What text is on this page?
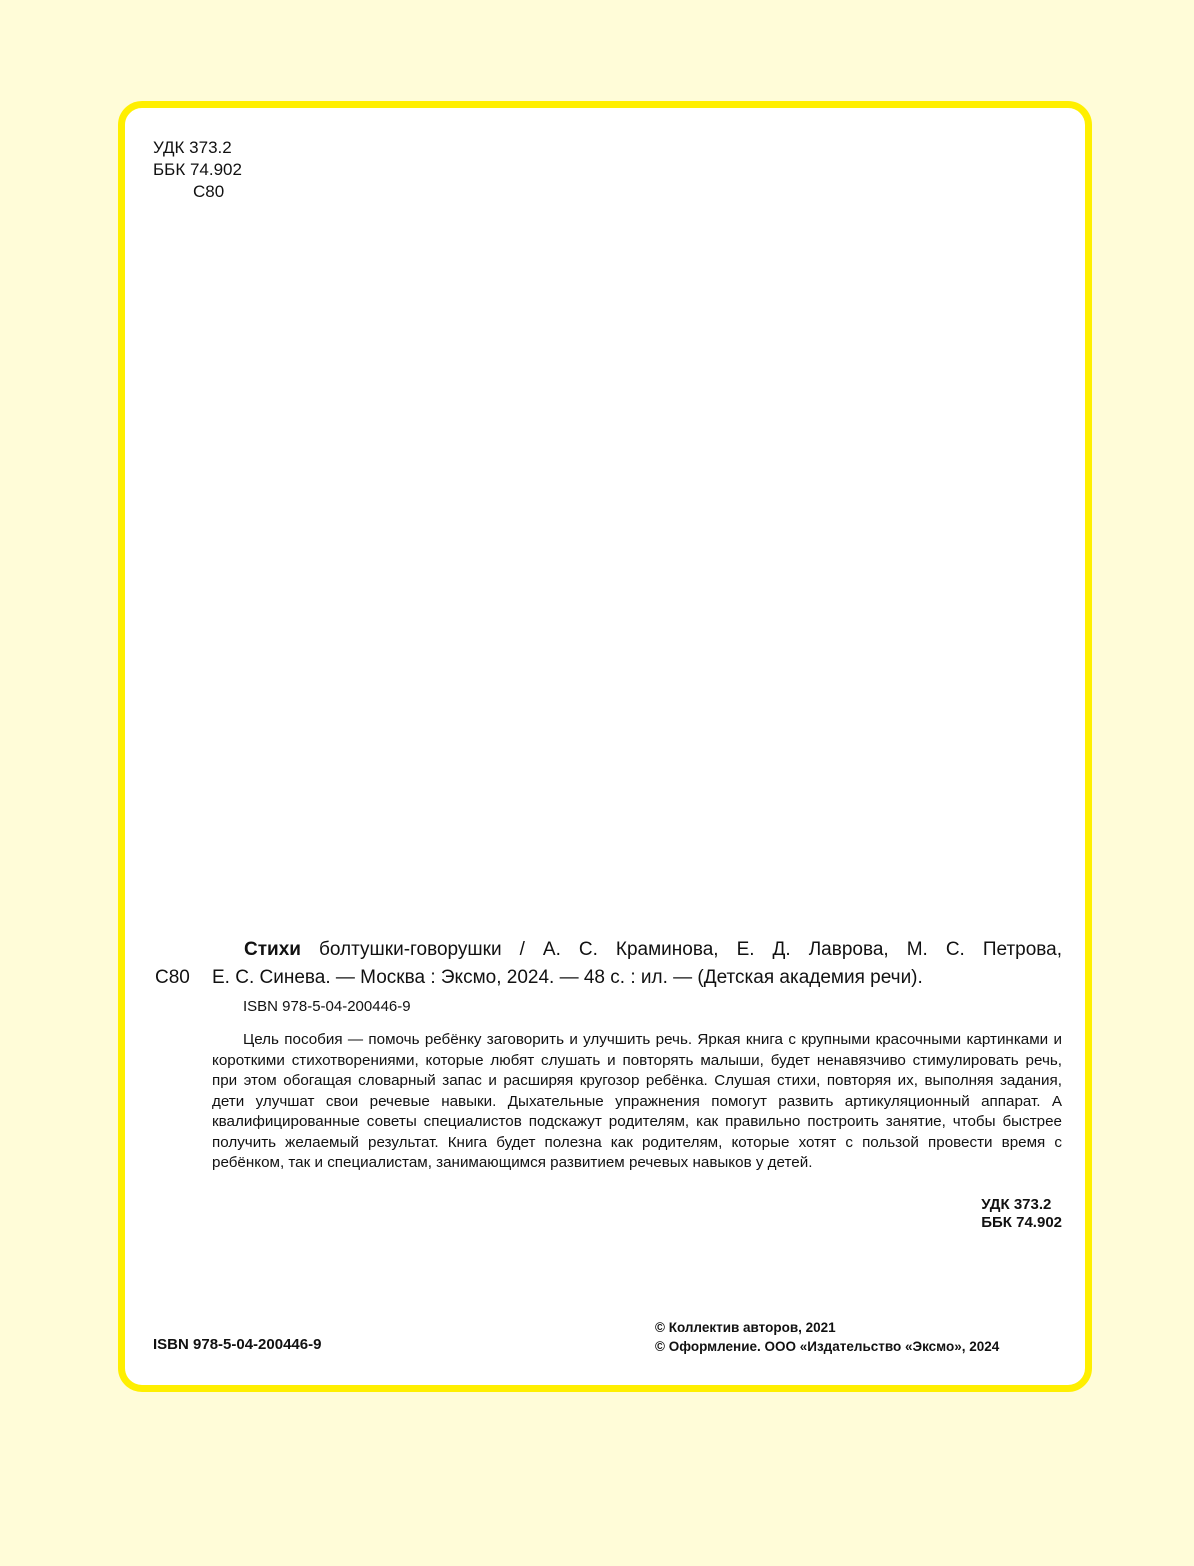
УДК 373.2
ББК 74.902
С80
С80
Стихи болтушки-говорушки / А. С. Краминова, Е. Д. Лаврова, М. С. Петрова,
Е. С. Синева. — Москва : Эксмо, 2024. — 48 с. : ил. — (Детская академия речи).
ISBN 978-5-04-200446-9

Цель пособия — помочь ребёнку заговорить и улучшить речь. Яркая книга с крупными красочными картинками и короткими стихотворениями, которые любят слушать и повторять малыши, будет ненавязчиво стимулировать речь, при этом обогащая словарный запас и расширяя кругозор ребёнка. Слушая стихи, повторяя их, выполняя задания, дети улучшат свои речевые навыки. Дыхательные упражнения помогут развить артикуляционный аппарат. А квалифицированные советы специалистов подскажут родителям, как правильно построить занятие, чтобы быстрее получить желаемый результат. Книга будет полезна как родителям, которые хотят с пользой провести время с ребёнком, так и специалистам, занимающимся развитием речевых навыков у детей.

УДК 373.2
ББК 74.902
ISBN 978-5-04-200446-9
© Коллектив авторов, 2021
© Оформление. ООО «Издательство «Эксмо», 2024
